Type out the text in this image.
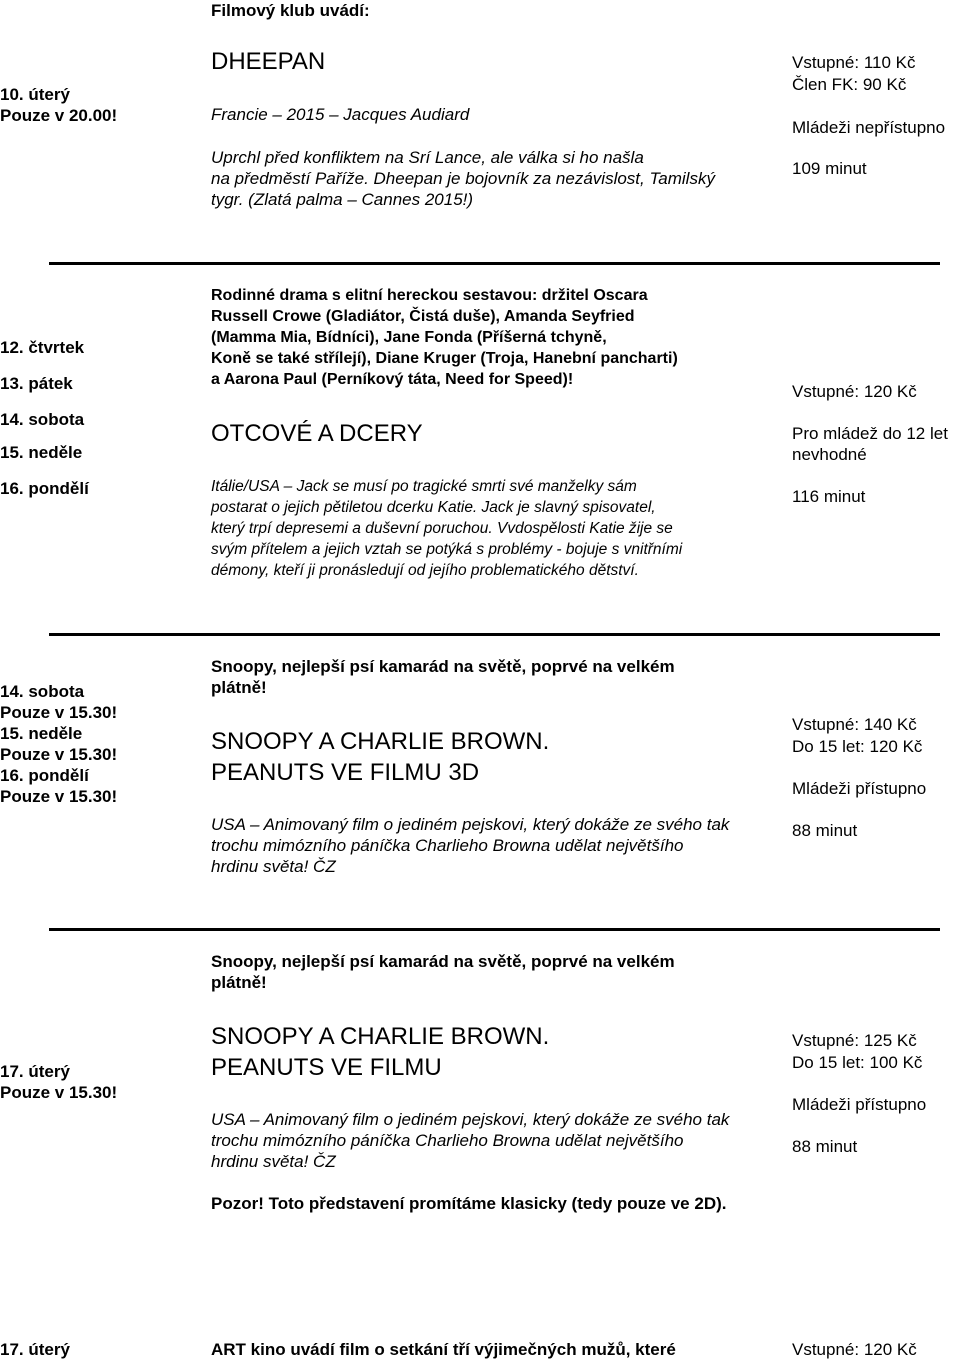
Filmový klub uvádí:
10. úterý
Pouze v 20.00!
DHEEPAN
Francie – 2015 – Jacques Audiard
Uprchl před konfliktem na Srí Lance, ale válka si ho našla
na předměstí Paříže. Dheepan je bojovník za nezávislost, Tamilský
tygr. (Zlatá palma – Cannes 2015!)
Vstupné: 110 Kč
Člen FK: 90 Kč
Mládeži nepřístupno
109 minut
12. čtvrtek
13. pátek
14. sobota
15. neděle
16. pondělí
Rodinné drama s elitní hereckou sestavou: držitel Oscara
Russell Crowe (Gladiátor, Čistá duše), Amanda Seyfried
(Mamma Mia, Bídníci), Jane Fonda (Příšerná tchyně,
Koně se také střílejí), Diane Kruger (Troja, Hanební pancharti)
a Aarona Paul (Perníkový táta, Need for Speed)!
OTCOVÉ A DCERY
Itálie/USA – Jack se musí po tragické smrti své manželky sám
postarat o jejich pětiletou dcerku Katie. Jack je slavný spisovatel,
který trpí depresemi a duševní poruchou. Vvdospělosti Katie žije se
svým přítelem a jejich vztah se potýká s problémy - bojuje s vnitřními
démony, kteří ji pronásledují od jejího problematického dětství.
Vstupné: 120 Kč
Pro mládež do 12 let
nevhodné
116 minut
14. sobota
Pouze v 15.30!
15. neděle
Pouze v 15.30!
16. pondělí
Pouze v 15.30!
Snoopy, nejlepší psí kamarád na světě, poprvé na velkém
plátně!
SNOOPY A CHARLIE BROWN.
PEANUTS VE FILMU 3D
USA – Animovaný film o jediném pejskovi, který dokáže ze svého tak
trochu mimózního páníčka Charlieho Browna udělat největšího
hrdinu světa! ČZ
Vstupné: 140 Kč
Do 15 let: 120 Kč
Mládeži přístupno
88 minut
17. úterý
Pouze v 15.30!
Snoopy, nejlepší psí kamarád na světě, poprvé na velkém
plátně!
SNOOPY A CHARLIE BROWN.
PEANUTS VE FILMU
USA – Animovaný film o jediném pejskovi, který dokáže ze svého tak
trochu mimózního páníčka Charlieho Browna udělat největšího
hrdinu světa! ČZ
Pozor! Toto představení promítáme klasicky (tedy pouze ve 2D).
Vstupné: 125 Kč
Do 15 let: 100 Kč
Mládeži přístupno
88 minut
17. úterý	ART kino uvádí film o setkání tří výjimečných mužů, které	Vstupné: 120 Kč
